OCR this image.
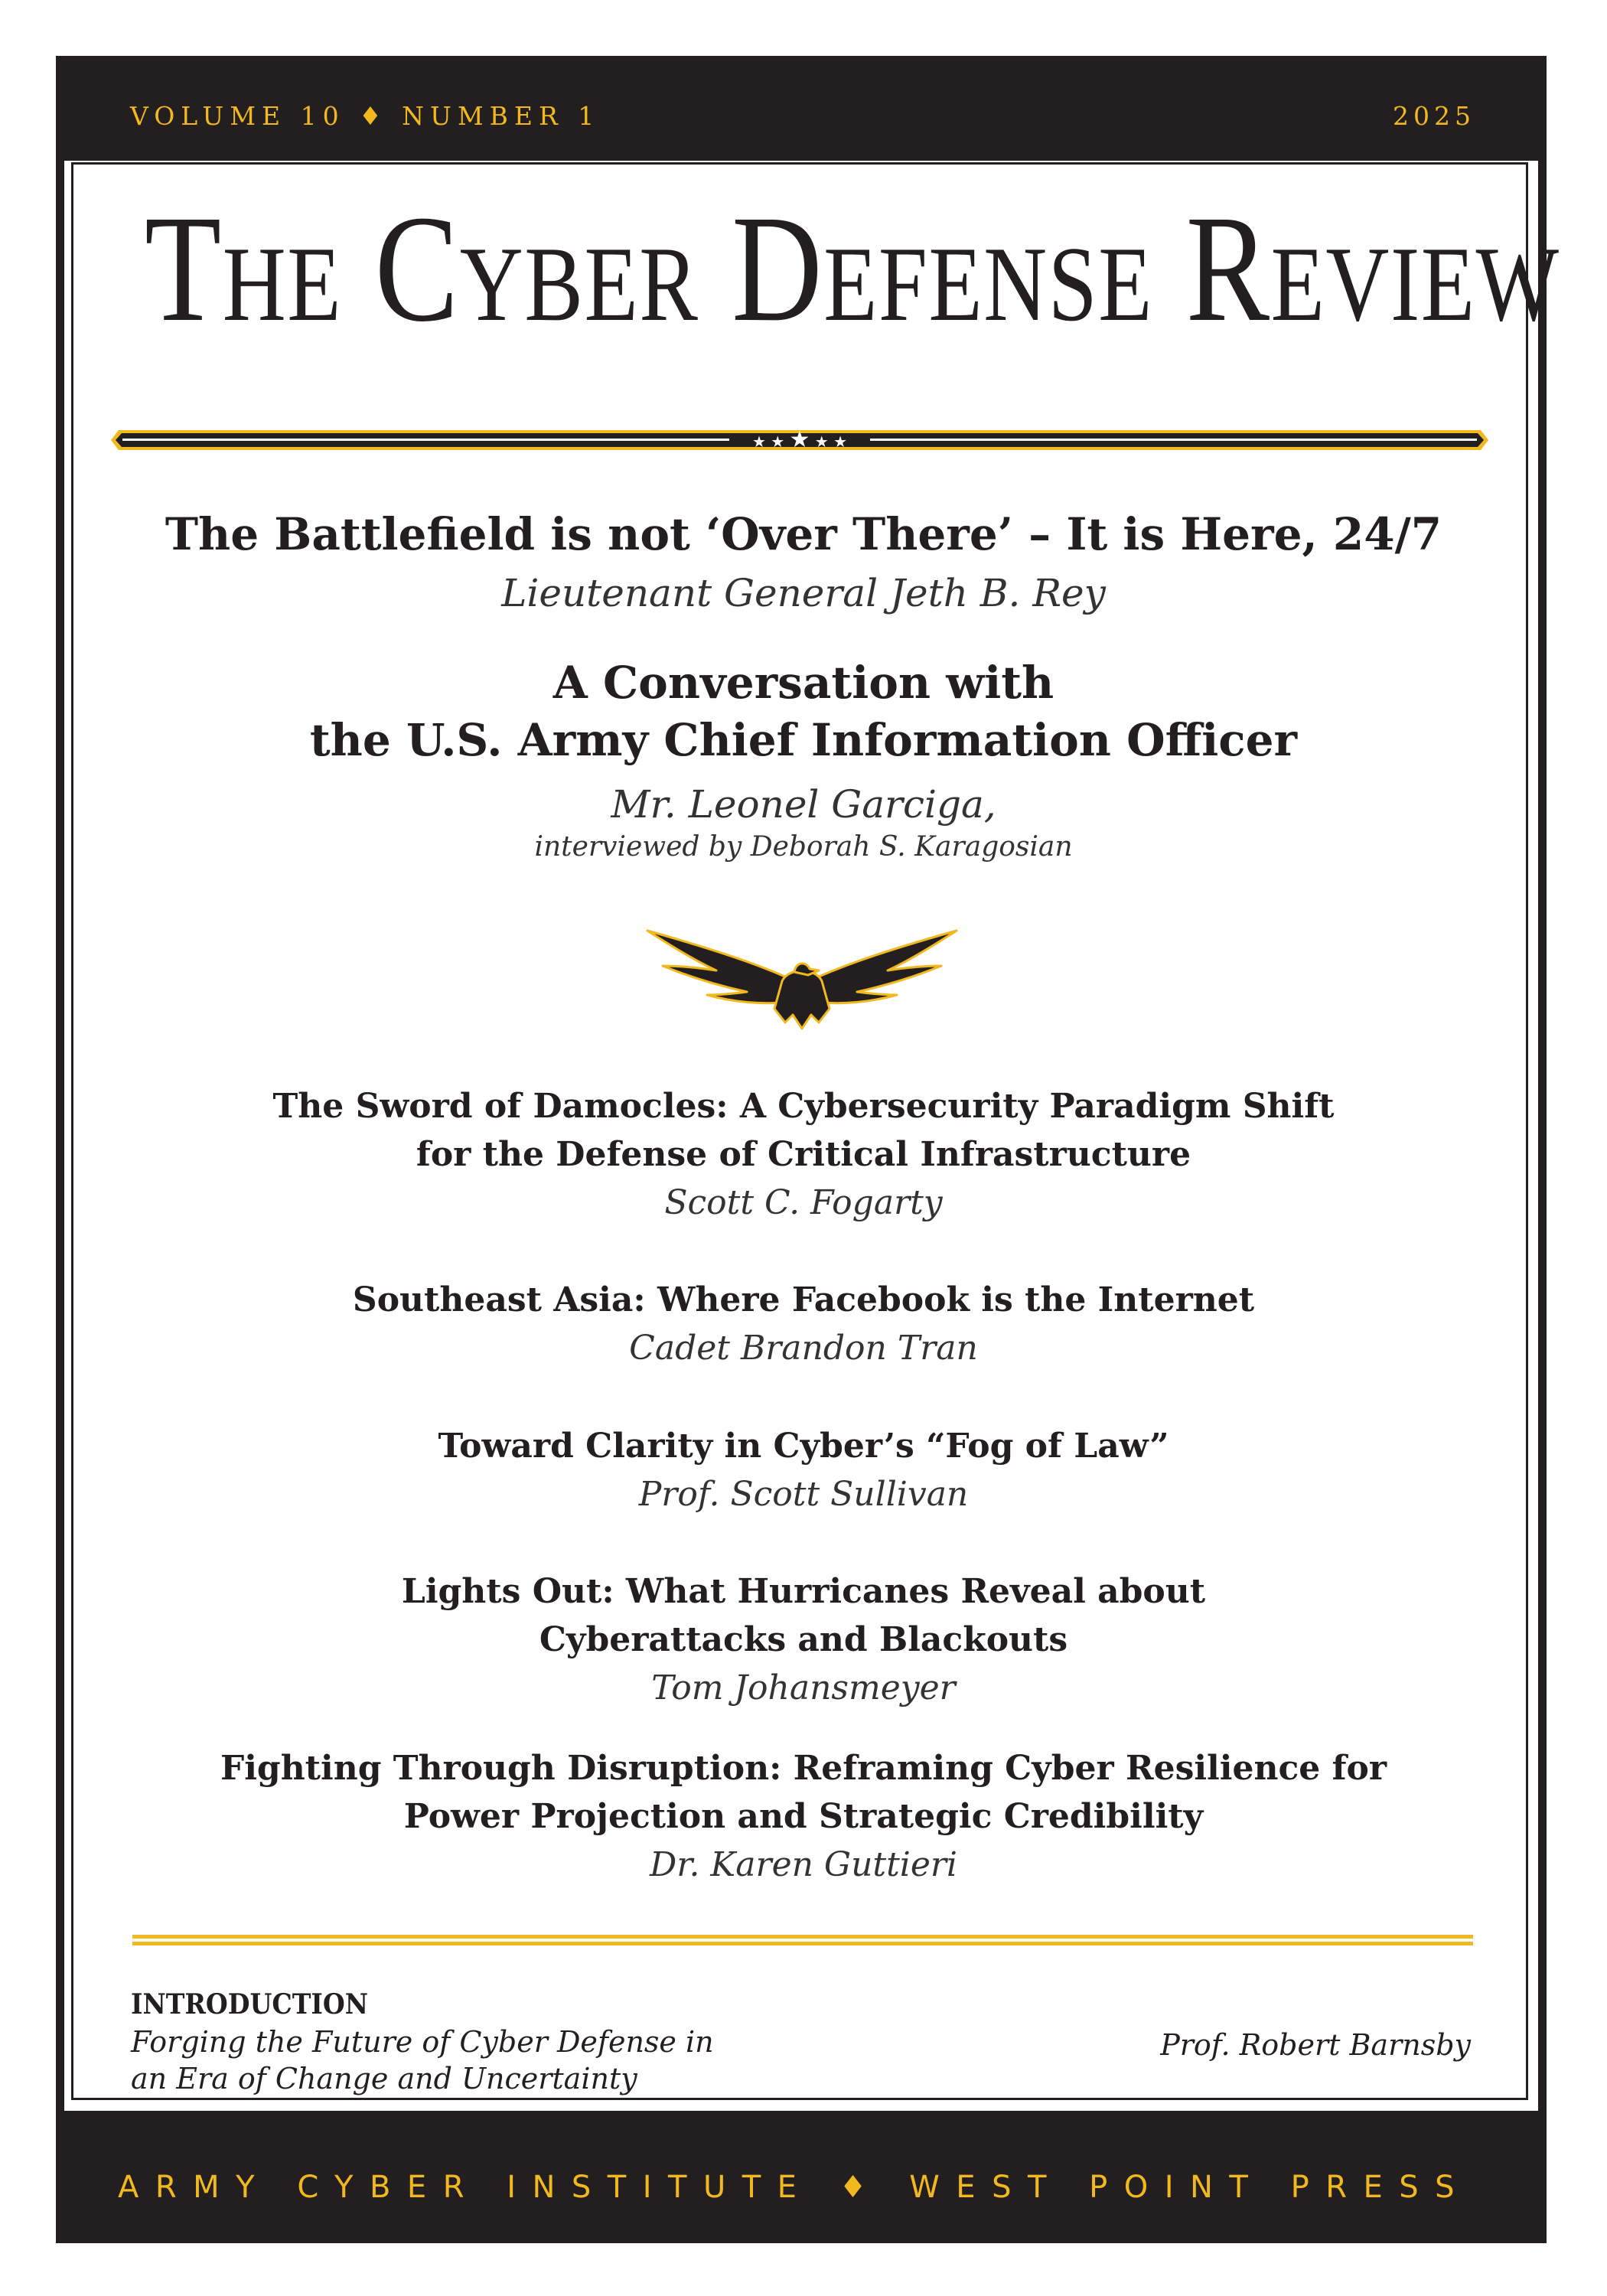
VOLUME 10 ♦ NUMBER 1	2025
The Cyber Defense Review
★ ★ ★ ★ ★
The Battlefield is not ‘Over There’ – It is Here, 24/7
Lieutenant General Jeth B. Rey
A Conversation with
the U.S. Army Chief Information Officer
Mr. Leonel Garciga,
interviewed by Deborah S. Karagosian
The Sword of Damocles: A Cybersecurity Paradigm Shift
for the Defense of Critical Infrastructure
Scott C. Fogarty
Southeast Asia: Where Facebook is the Internet
Cadet Brandon Tran
Toward Clarity in Cyber’s “Fog of Law”
Prof. Scott Sullivan
Lights Out: What Hurricanes Reveal about
Cyberattacks and Blackouts
Tom Johansmeyer
Fighting Through Disruption: Reframing Cyber Resilience for
Power Projection and Strategic Credibility
Dr. Karen Guttieri
INTRODUCTION
Forging the Future of Cyber Defense in
an Era of Change and Uncertainty
Prof. Robert Barnsby
ARMY CYBER INSTITUTE ♦ WEST POINT PRESS
